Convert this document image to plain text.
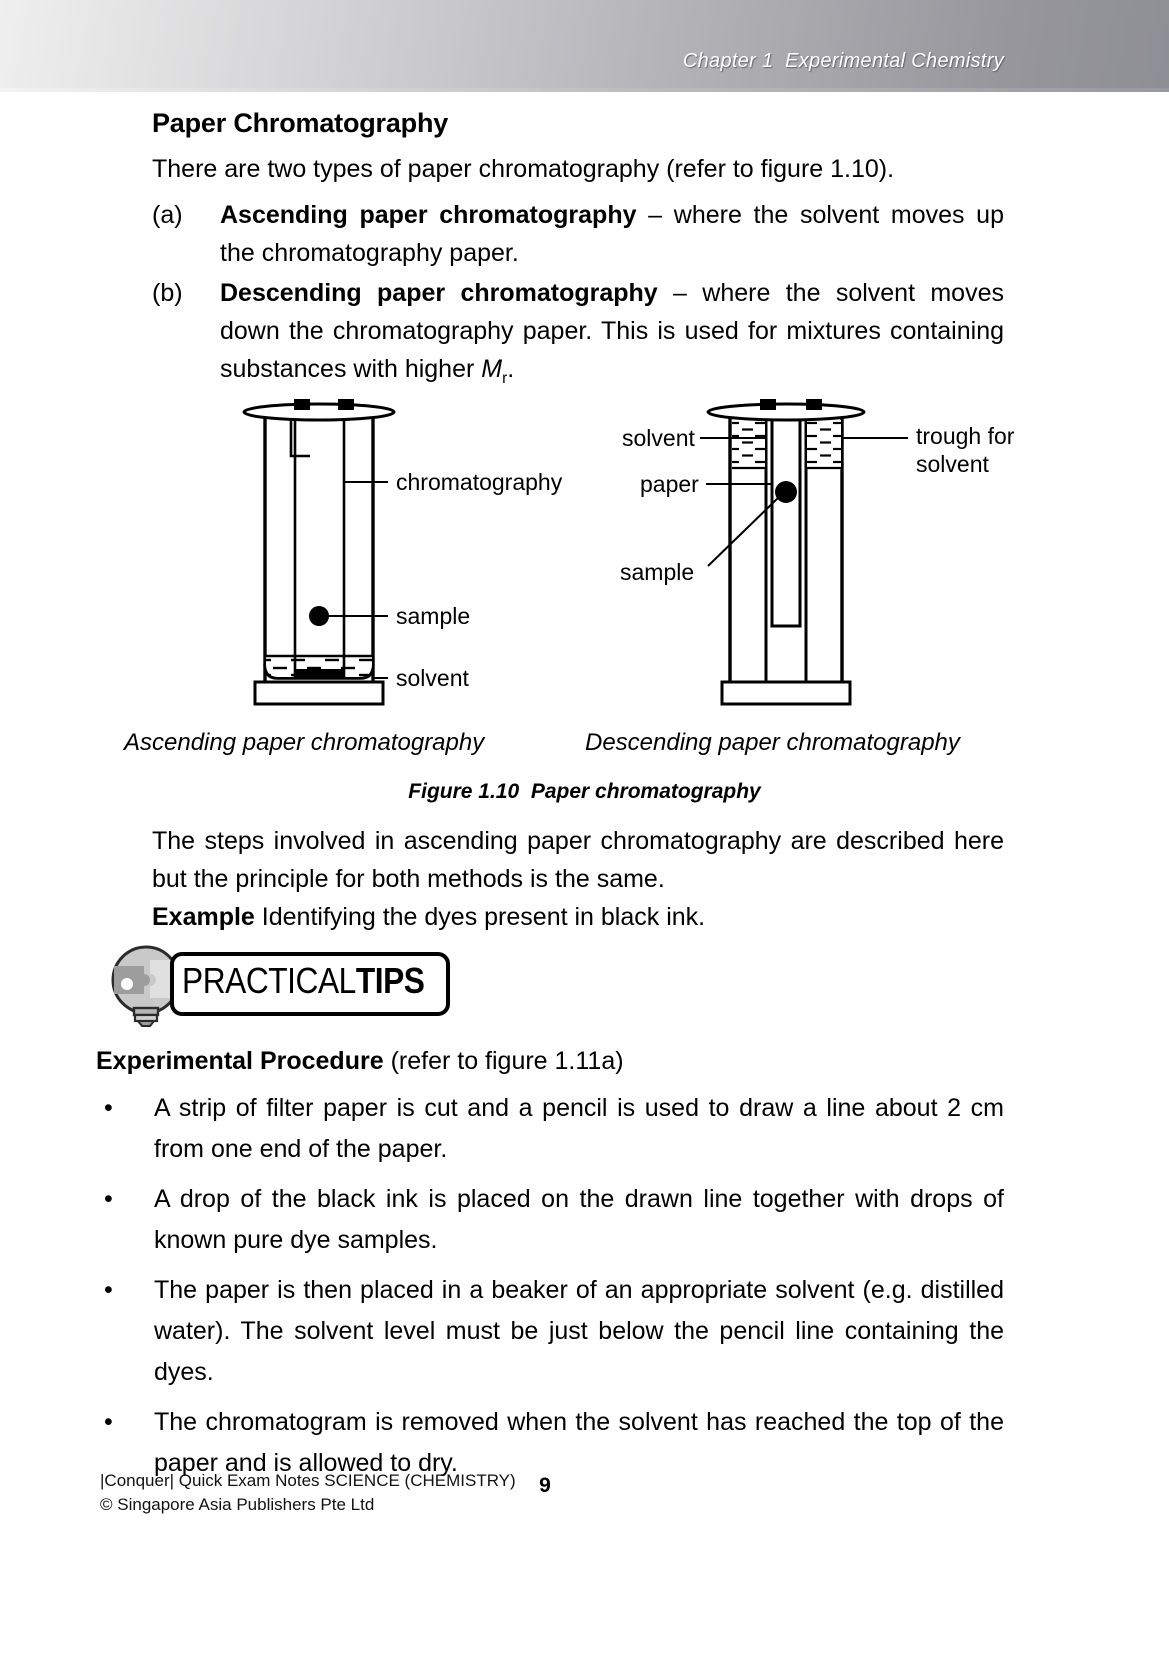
Chapter 1  Experimental Chemistry
Paper Chromatography
There are two types of paper chromatography (refer to figure 1.10).
(a)	Ascending paper chromatography – where the solvent moves up the chromatography paper.
(b)	Descending paper chromatography – where the solvent moves down the chromatography paper. This is used for mixtures containing substances with higher $M_r$.
chromatography
sample
solvent
solvent
paper
sample
trough for
solvent
Ascending paper chromatography	Descending paper chromatography
Figure 1.10  Paper chromatography
The steps involved in ascending paper chromatography are described here but the principle for both methods is the same.
Example Identifying the dyes present in black ink.
PRACTICALTIPS
Experimental Procedure (refer to figure 1.11a)
• A strip of filter paper is cut and a pencil is used to draw a line about 2 cm from one end of the paper.
• A drop of the black ink is placed on the drawn line together with drops of known pure dye samples.
• The paper is then placed in a beaker of an appropriate solvent (e.g. distilled water). The solvent level must be just below the pencil line containing the dyes.
• The chromatogram is removed when the solvent has reached the top of the paper and is allowed to dry.
|Conquer| Quick Exam Notes SCIENCE (CHEMISTRY)
© Singapore Asia Publishers Pte Ltd
9
